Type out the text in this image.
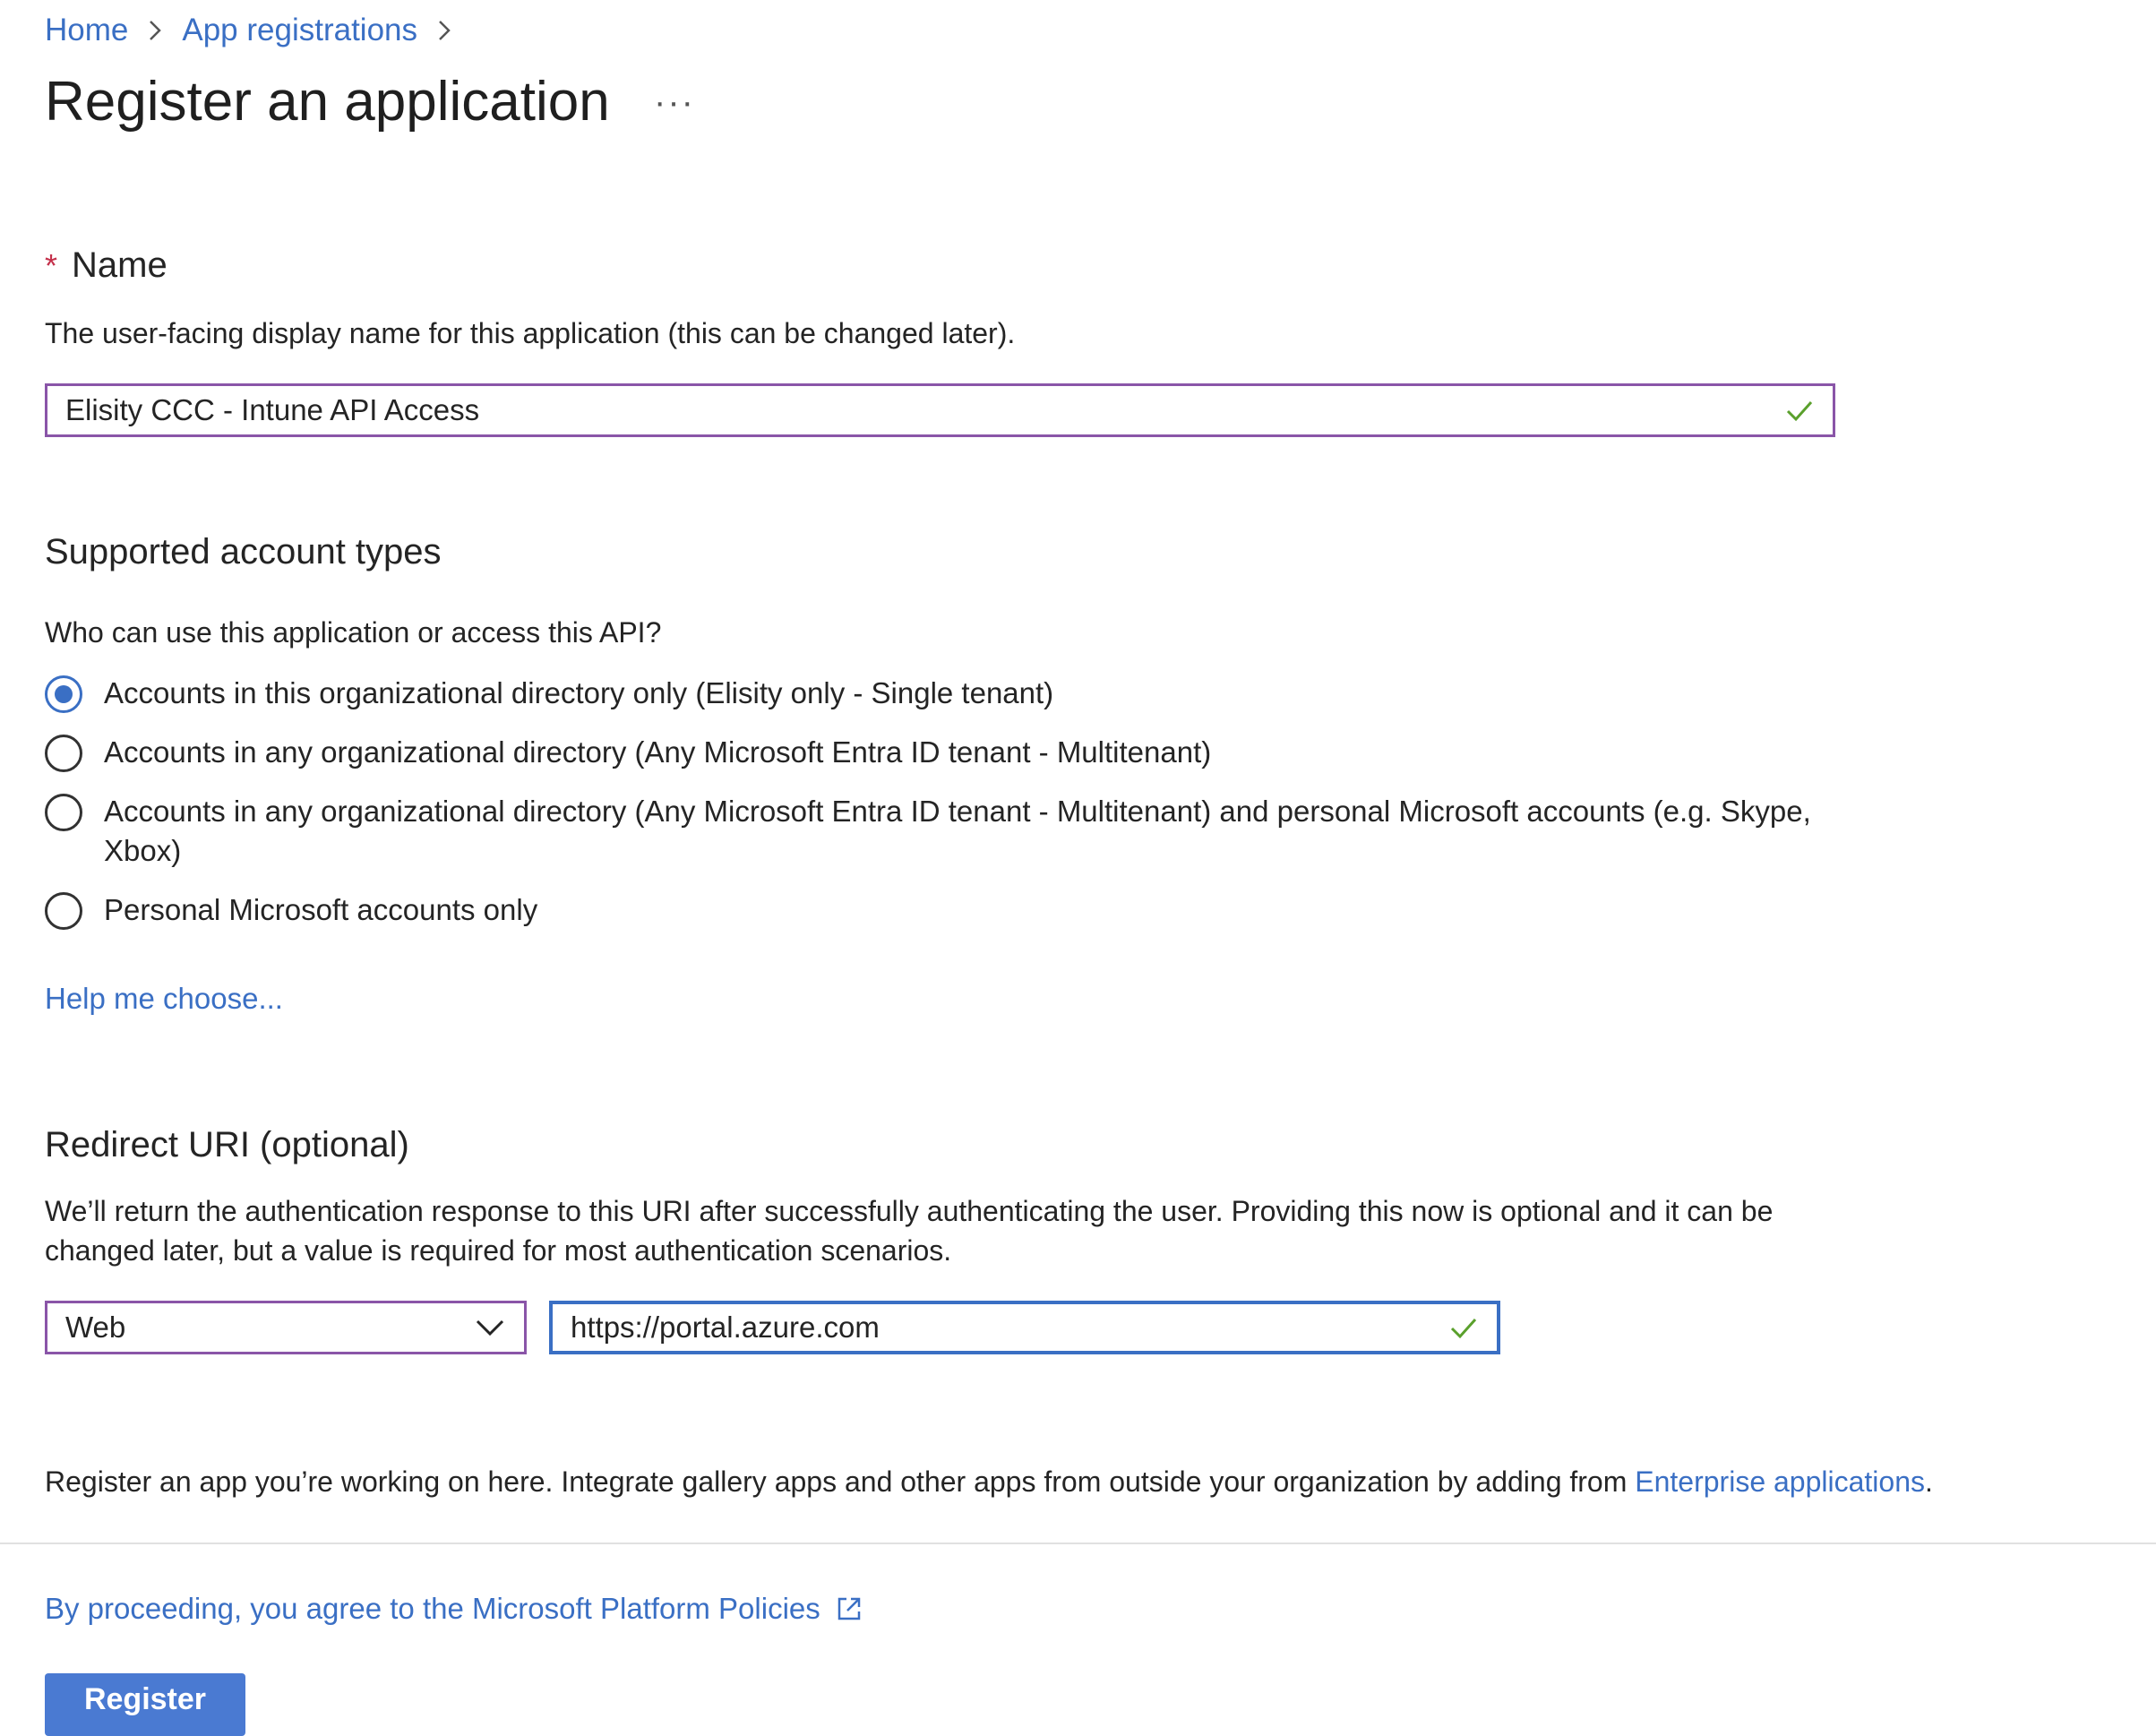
Home App registrations
Register an application ···
* Name
The user-facing display name for this application (this can be changed later).
Elisity CCC - Intune API Access
Supported account types
Who can use this application or access this API?
Accounts in this organizational directory only (Elisity only - Single tenant)
Accounts in any organizational directory (Any Microsoft Entra ID tenant - Multitenant)
Accounts in any organizational directory (Any Microsoft Entra ID tenant - Multitenant) and personal Microsoft accounts (e.g. Skype, Xbox)
Personal Microsoft accounts only
Help me choose...
Redirect URI (optional)
We’ll return the authentication response to this URI after successfully authenticating the user. Providing this now is optional and it can be changed later, but a value is required for most authentication scenarios.
Web	https://portal.azure.com
Register an app you’re working on here. Integrate gallery apps and other apps from outside your organization by adding from Enterprise applications.
By proceeding, you agree to the Microsoft Platform Policies
Register
